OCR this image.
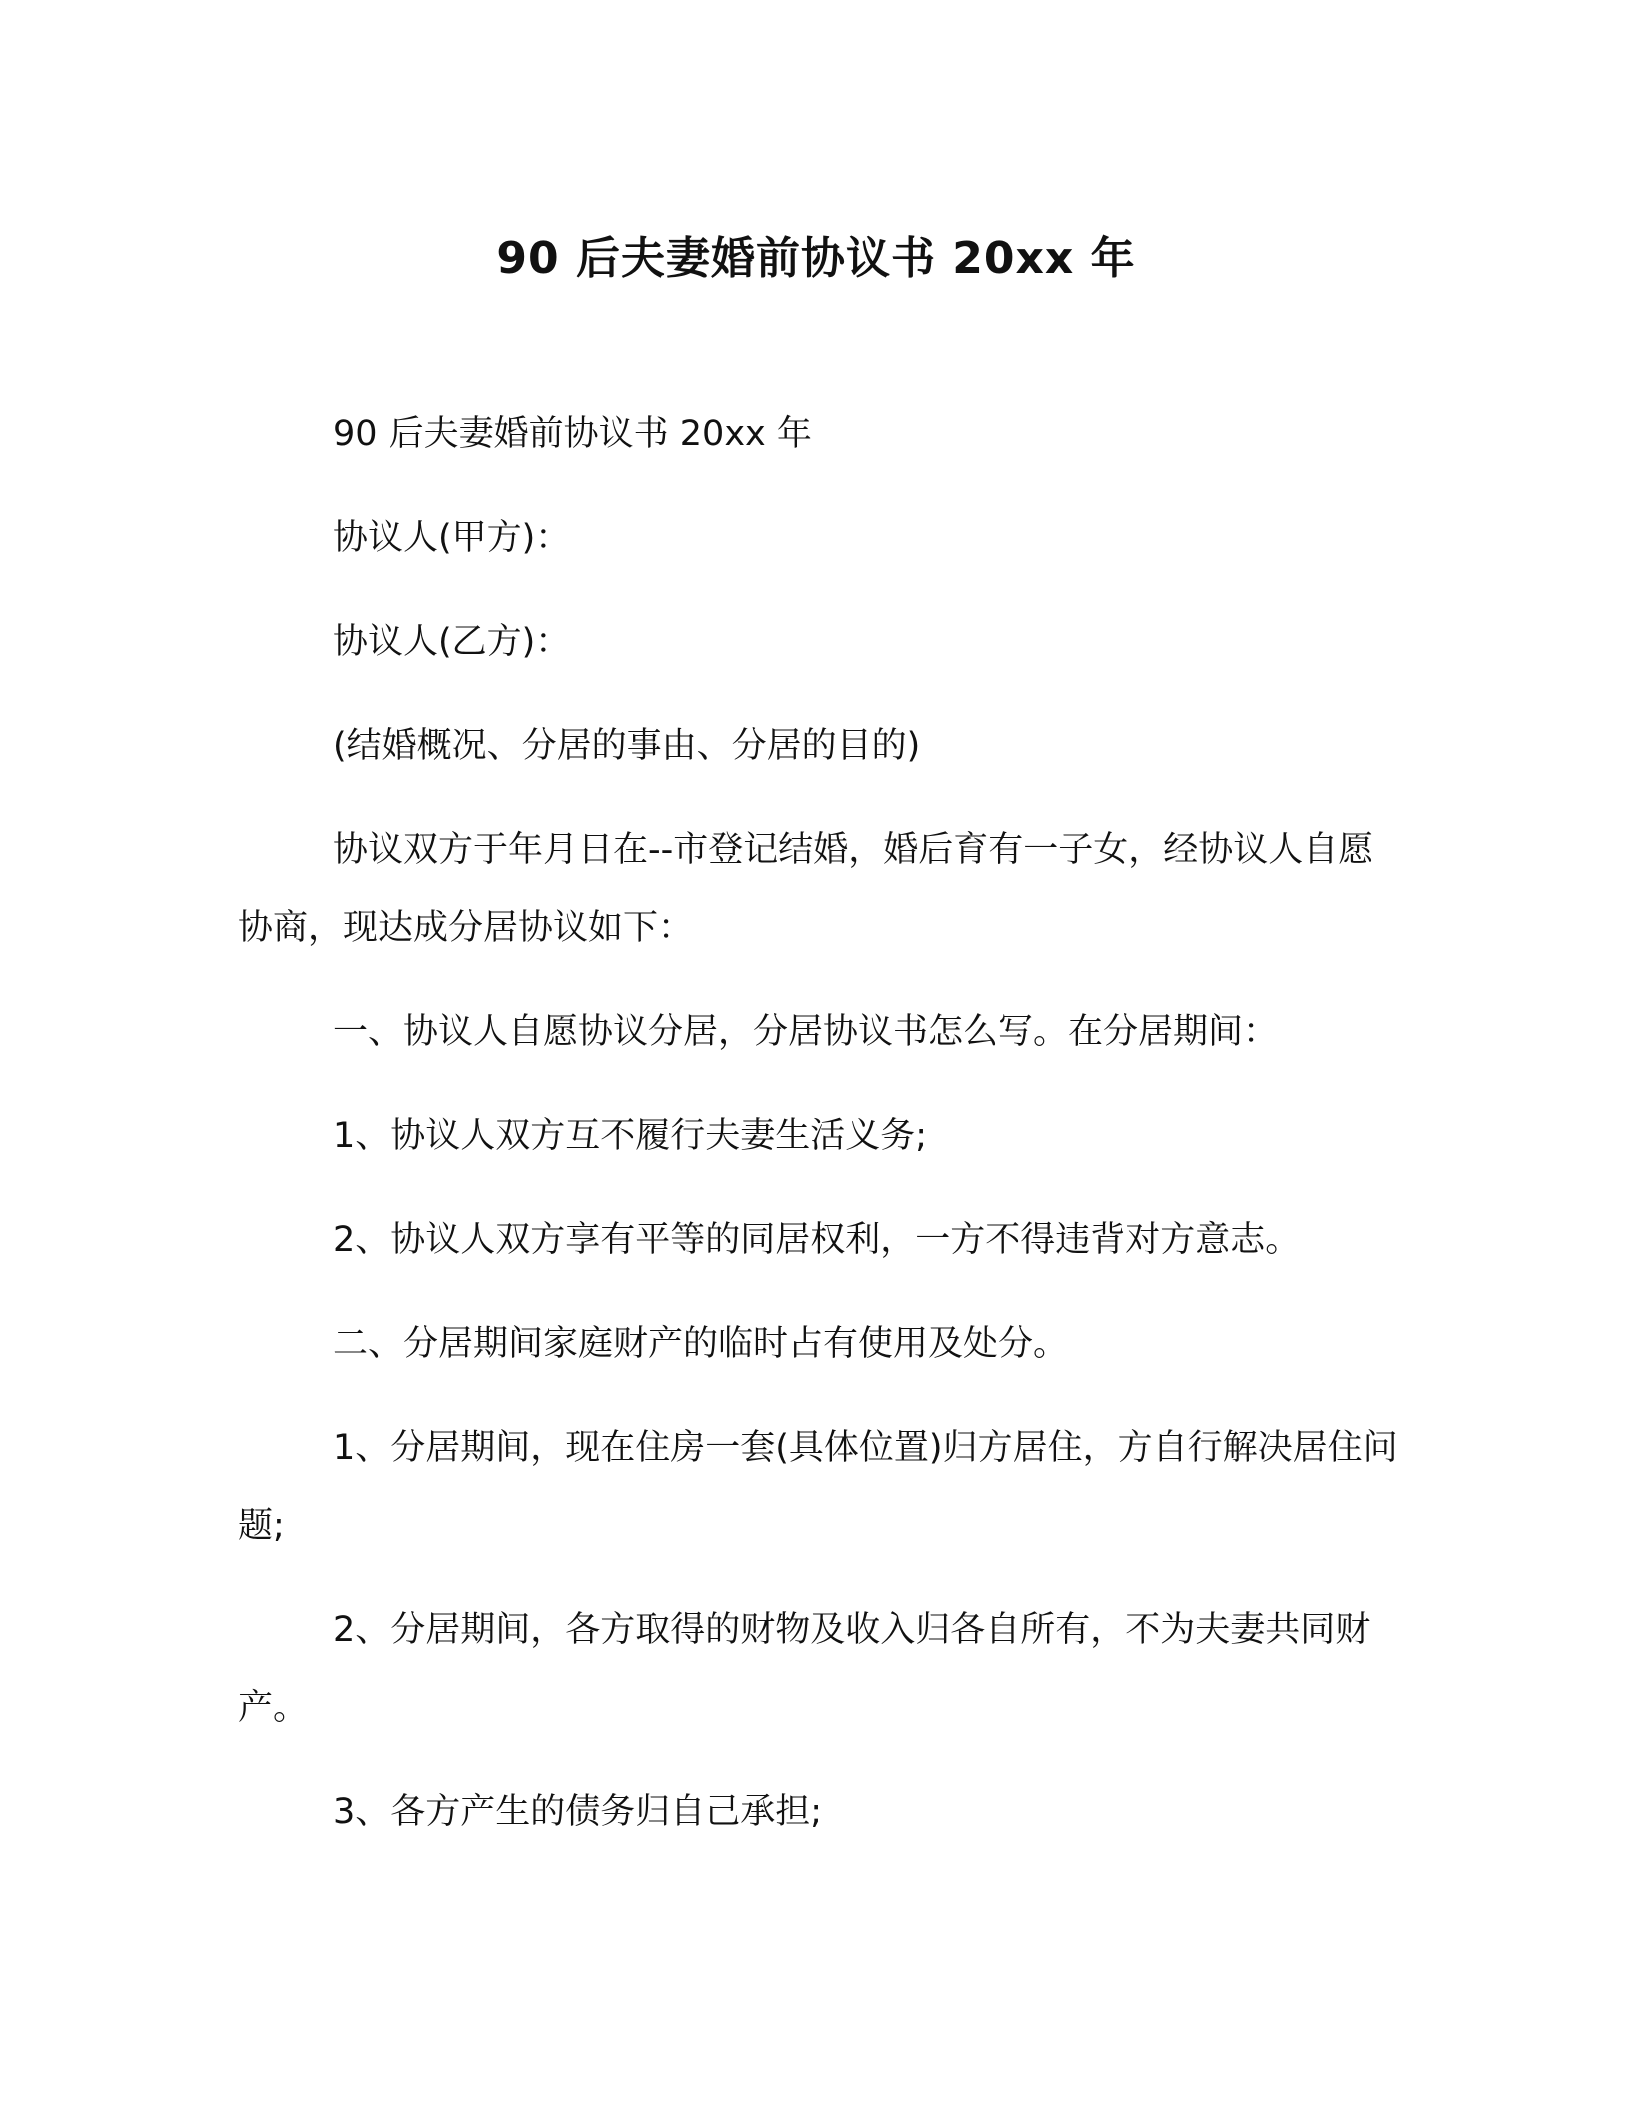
90 后夫妻婚前协议书 20xx 年

90 后夫妻婚前协议书 20xx 年

协议人(甲方)：

协议人(乙方)：

(结婚概况、分居的事由、分居的目的)

协议双方于年月日在--市登记结婚，婚后育有一子女，经协议人自愿协商，现达成分居协议如下：

一、协议人自愿协议分居，分居协议书怎么写。在分居期间：

1、协议人双方互不履行夫妻生活义务;

2、协议人双方享有平等的同居权利，一方不得违背对方意志。

二、分居期间家庭财产的临时占有使用及处分。

1、分居期间，现在住房一套(具体位置)归方居住，方自行解决居住问题;

2、分居期间，各方取得的财物及收入归各自所有，不为夫妻共同财产。

3、各方产生的债务归自己承担;
